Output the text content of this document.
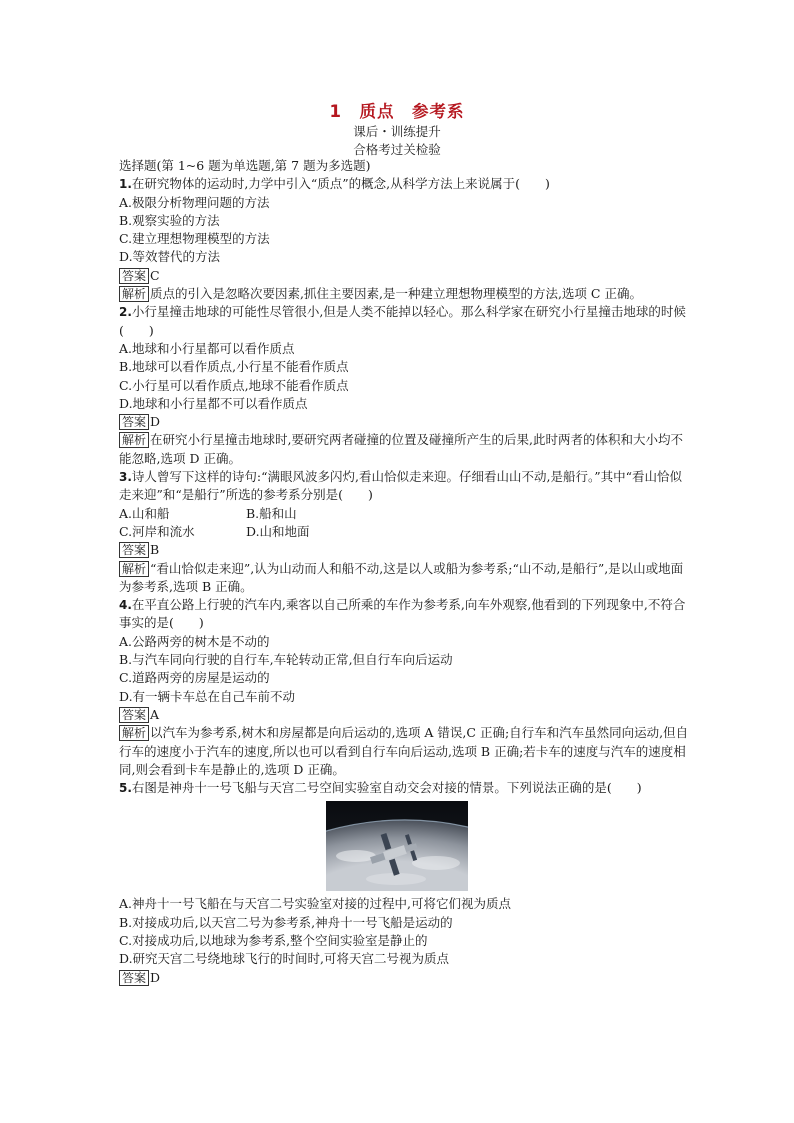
1　质点　参考系
课后・训练提升
合格考过关检验

选择题(第 1~6 题为单选题,第 7 题为多选题)

1.在研究物体的运动时,力学中引入“质点”的概念,从科学方法上来说属于(　　)

A.极限分析物理问题的方法

B.观察实验的方法

C.建立理想物理模型的方法

D.等效替代的方法

答案 C

解析 质点的引入是忽略次要因素,抓住主要因素,是一种建立理想物理模型的方法,选项 C 正确。

2.小行星撞击地球的可能性尽管很小,但是人类不能掉以轻心。那么科学家在研究小行星撞击地球的时候(　　)

A.地球和小行星都可以看作质点

B.地球可以看作质点,小行星不能看作质点

C.小行星可以看作质点,地球不能看作质点

D.地球和小行星都不可以看作质点

答案 D

解析 在研究小行星撞击地球时,要研究两者碰撞的位置及碰撞所产生的后果,此时两者的体积和大小均不能忽略,选项 D 正确。

3.诗人曾写下这样的诗句:“满眼风波多闪灼,看山恰似走来迎。仔细看山山不动,是船行。”其中“看山恰似走来迎”和“是船行”所选的参考系分别是(　　)

A.山和船	B.船和山

C.河岸和流水	D.山和地面

答案 B

解析 “看山恰似走来迎”,认为山动而人和船不动,这是以人或船为参考系;“山不动,是船行”,是以山或地面为参考系,选项 B 正确。

4.在平直公路上行驶的汽车内,乘客以自己所乘的车作为参考系,向车外观察,他看到的下列现象中,不符合事实的是(　　)

A.公路两旁的树木是不动的

B.与汽车同向行驶的自行车,车轮转动正常,但自行车向后运动

C.道路两旁的房屋是运动的

D.有一辆卡车总在自己车前不动

答案 A

解析 以汽车为参考系,树木和房屋都是向后运动的,选项 A 错误,C 正确;自行车和汽车虽然同向运动,但自行车的速度小于汽车的速度,所以也可以看到自行车向后运动,选项 B 正确;若卡车的速度与汽车的速度相同,则会看到卡车是静止的,选项 D 正确。

5.右图是神舟十一号飞船与天宫二号空间实验室自动交会对接的情景。下列说法正确的是(　　)

A.神舟十一号飞船在与天宫二号实验室对接的过程中,可将它们视为质点

B.对接成功后,以天宫二号为参考系,神舟十一号飞船是运动的

C.对接成功后,以地球为参考系,整个空间实验室是静止的

D.研究天宫二号绕地球飞行的时间时,可将天宫二号视为质点

答案 D
